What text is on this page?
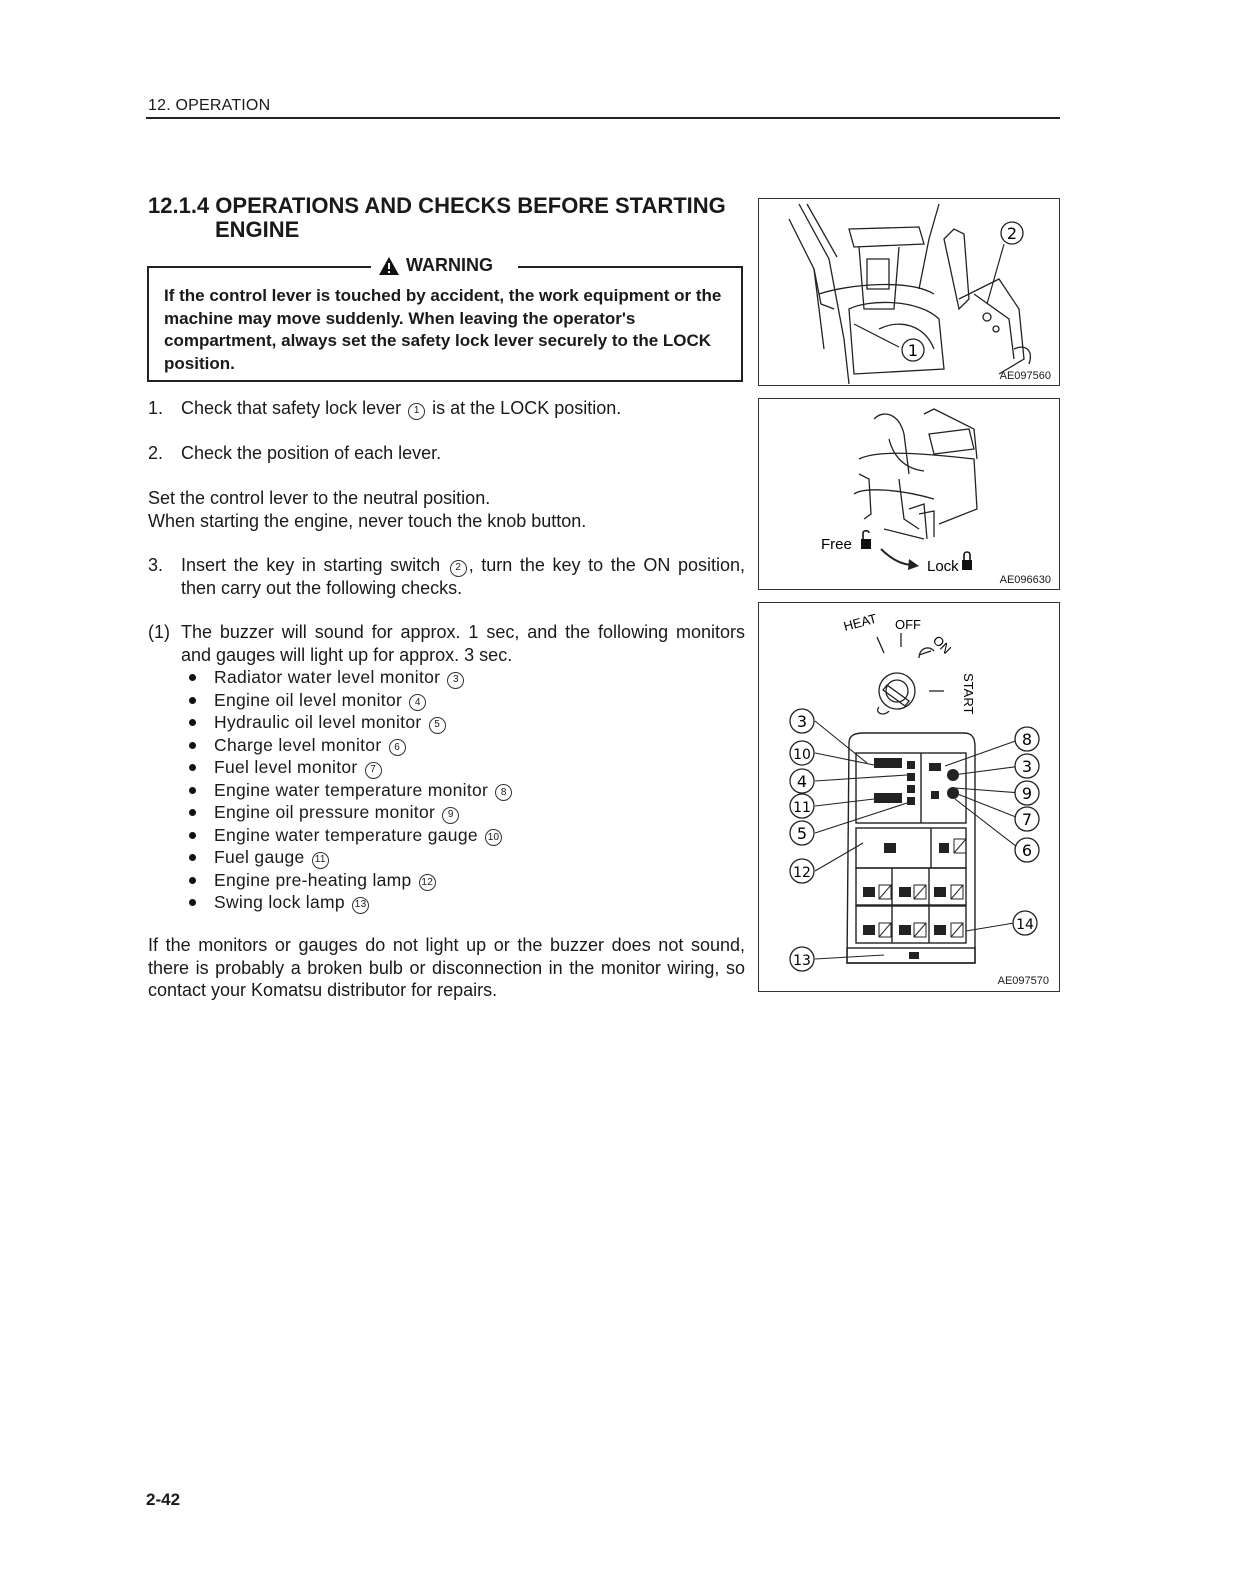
12. OPERATION
12.1.4 OPERATIONS AND CHECKS BEFORE STARTING
ENGINE
WARNING
If the control lever is touched by accident, the work equipment or the machine may move suddenly. When leaving the operator's compartment, always set the safety lock lever securely to the LOCK position.
1. Check that safety lock lever 1 is at the LOCK position.
2. Check the position of each lever.
Set the control lever to the neutral position.
When starting the engine, never touch the knob button.
3. Insert the key in starting switch 2 , turn the key to the ON position, then carry out the following checks.
(1) The buzzer will sound for approx. 1 sec, and the following monitors and gauges will light up for approx. 3 sec.
Radiator water level monitor 3
Engine oil level monitor 4
Hydraulic oil level monitor 5
Charge level monitor 6
Fuel level monitor 7
Engine water temperature monitor 8
Engine oil pressure monitor 9
Engine water temperature gauge 10
Fuel gauge 11
Engine pre-heating lamp 12
Swing lock lamp 13
If the monitors or gauges do not light up or the buzzer does not sound, there is probably a broken bulb or disconnection in the monitor wiring, so contact your Komatsu distributor for repairs.
1
2
AE097560
Free
Lock
AE096630
HEAT OFF
ON
START
3
10
4
11
5
12
13
8
3
9
7
6
14
AE097570
2-42
